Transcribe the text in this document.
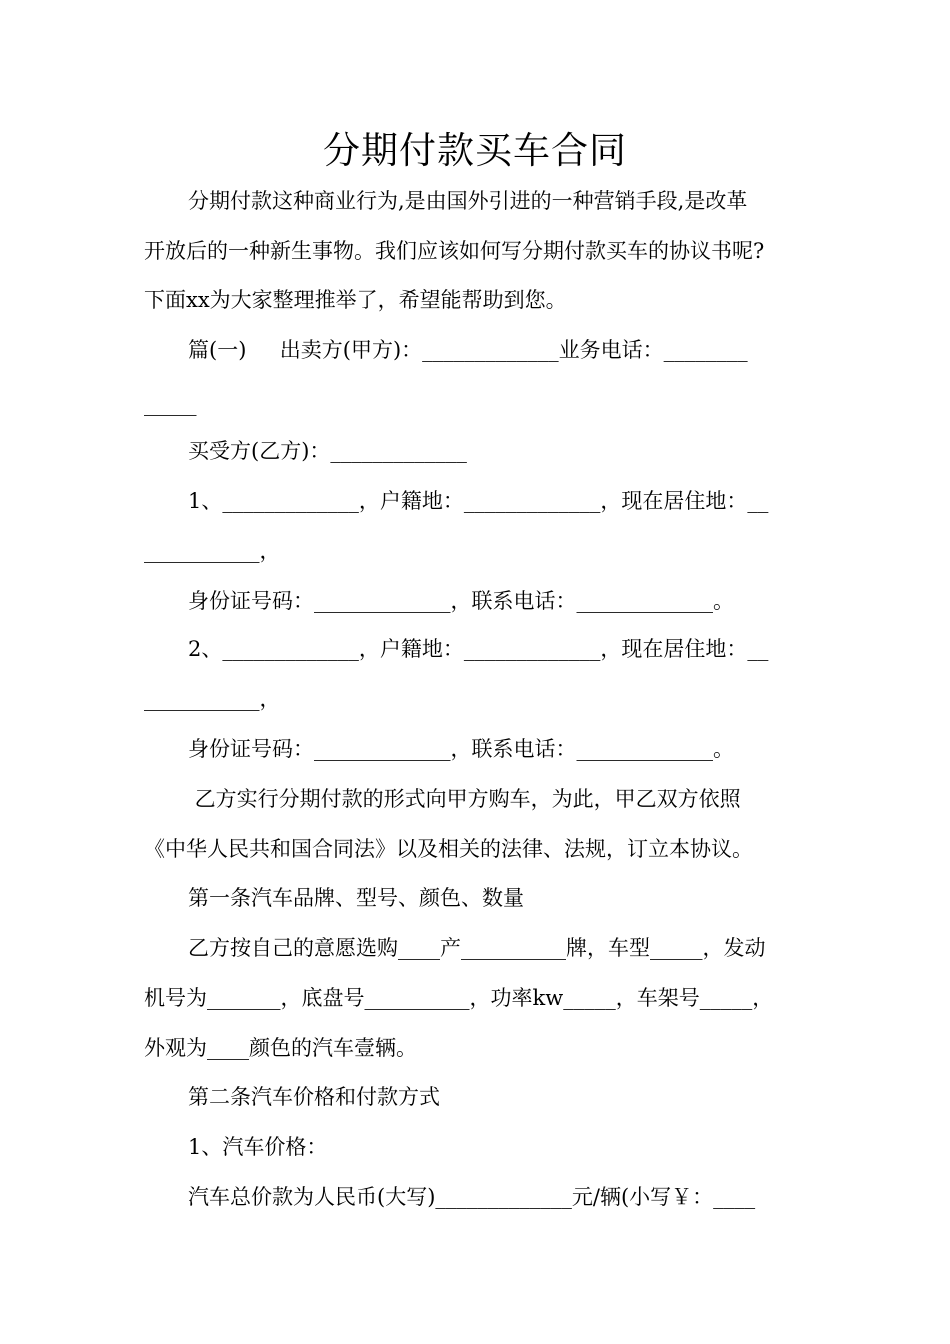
分期付款买车合同
分期付款这种商业行为,是由国外引进的一种营销手段,是改革
开放后的一种新生事物。我们应该如何写分期付款买车的协议书呢?
下面xx为大家整理推举了，希望能帮助到您。
篇(一)     出卖方(甲方)：_____________业务电话：________
_____
买受方(乙方)：_____________
1、_____________，户籍地：_____________，现在居住地：__
___________，
身份证号码：_____________，联系电话：_____________。
2、_____________，户籍地：_____________，现在居住地：__
___________，
身份证号码：_____________，联系电话：_____________。
乙方实行分期付款的形式向甲方购车，为此，甲乙双方依照
《中华人民共和国合同法》以及相关的法律、法规，订立本协议。
第一条汽车品牌、型号、颜色、数量
乙方按自己的意愿选购____产__________牌，车型_____，发动
机号为_______，底盘号__________，功率kw_____，车架号_____，
外观为____颜色的汽车壹辆。
第二条汽车价格和付款方式
1、汽车价格：
汽车总价款为人民币(大写)_____________元/辆(小写￥：____
